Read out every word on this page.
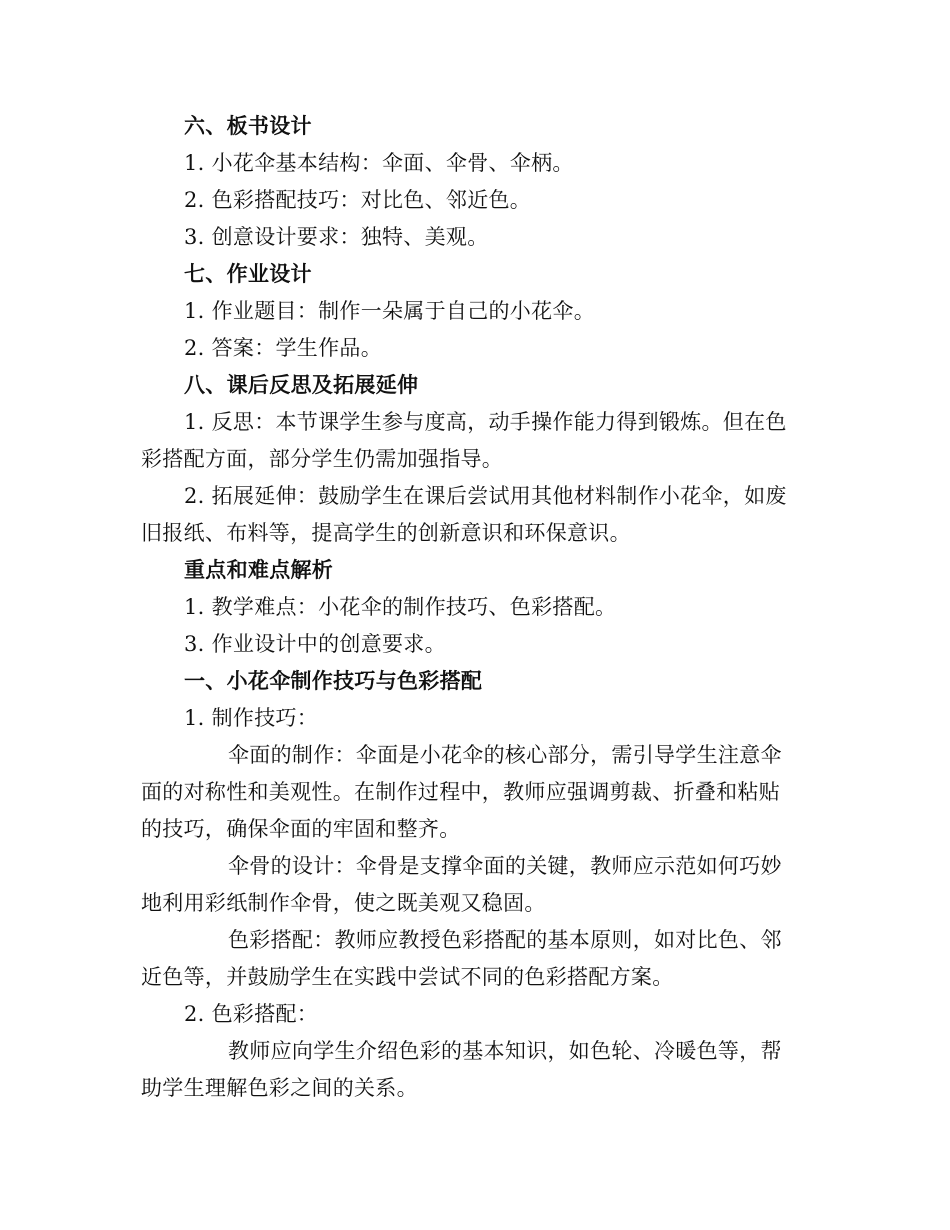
六、板书设计
1. 小花伞基本结构：伞面、伞骨、伞柄。
2. 色彩搭配技巧：对比色、邻近色。
3. 创意设计要求：独特、美观。
七、作业设计
1. 作业题目：制作一朵属于自己的小花伞。
2. 答案：学生作品。
八、课后反思及拓展延伸
1. 反思：本节课学生参与度高，动手操作能力得到锻炼。但在色
彩搭配方面，部分学生仍需加强指导。
2. 拓展延伸：鼓励学生在课后尝试用其他材料制作小花伞，如废
旧报纸、布料等，提高学生的创新意识和环保意识。
重点和难点解析
1. 教学难点：小花伞的制作技巧、色彩搭配。
3. 作业设计中的创意要求。
一、小花伞制作技巧与色彩搭配
1. 制作技巧：
伞面的制作：伞面是小花伞的核心部分，需引导学生注意伞
面的对称性和美观性。在制作过程中，教师应强调剪裁、折叠和粘贴
的技巧，确保伞面的牢固和整齐。
伞骨的设计：伞骨是支撑伞面的关键，教师应示范如何巧妙
地利用彩纸制作伞骨，使之既美观又稳固。
色彩搭配：教师应教授色彩搭配的基本原则，如对比色、邻
近色等，并鼓励学生在实践中尝试不同的色彩搭配方案。
2. 色彩搭配：
教师应向学生介绍色彩的基本知识，如色轮、冷暖色等，帮
助学生理解色彩之间的关系。
